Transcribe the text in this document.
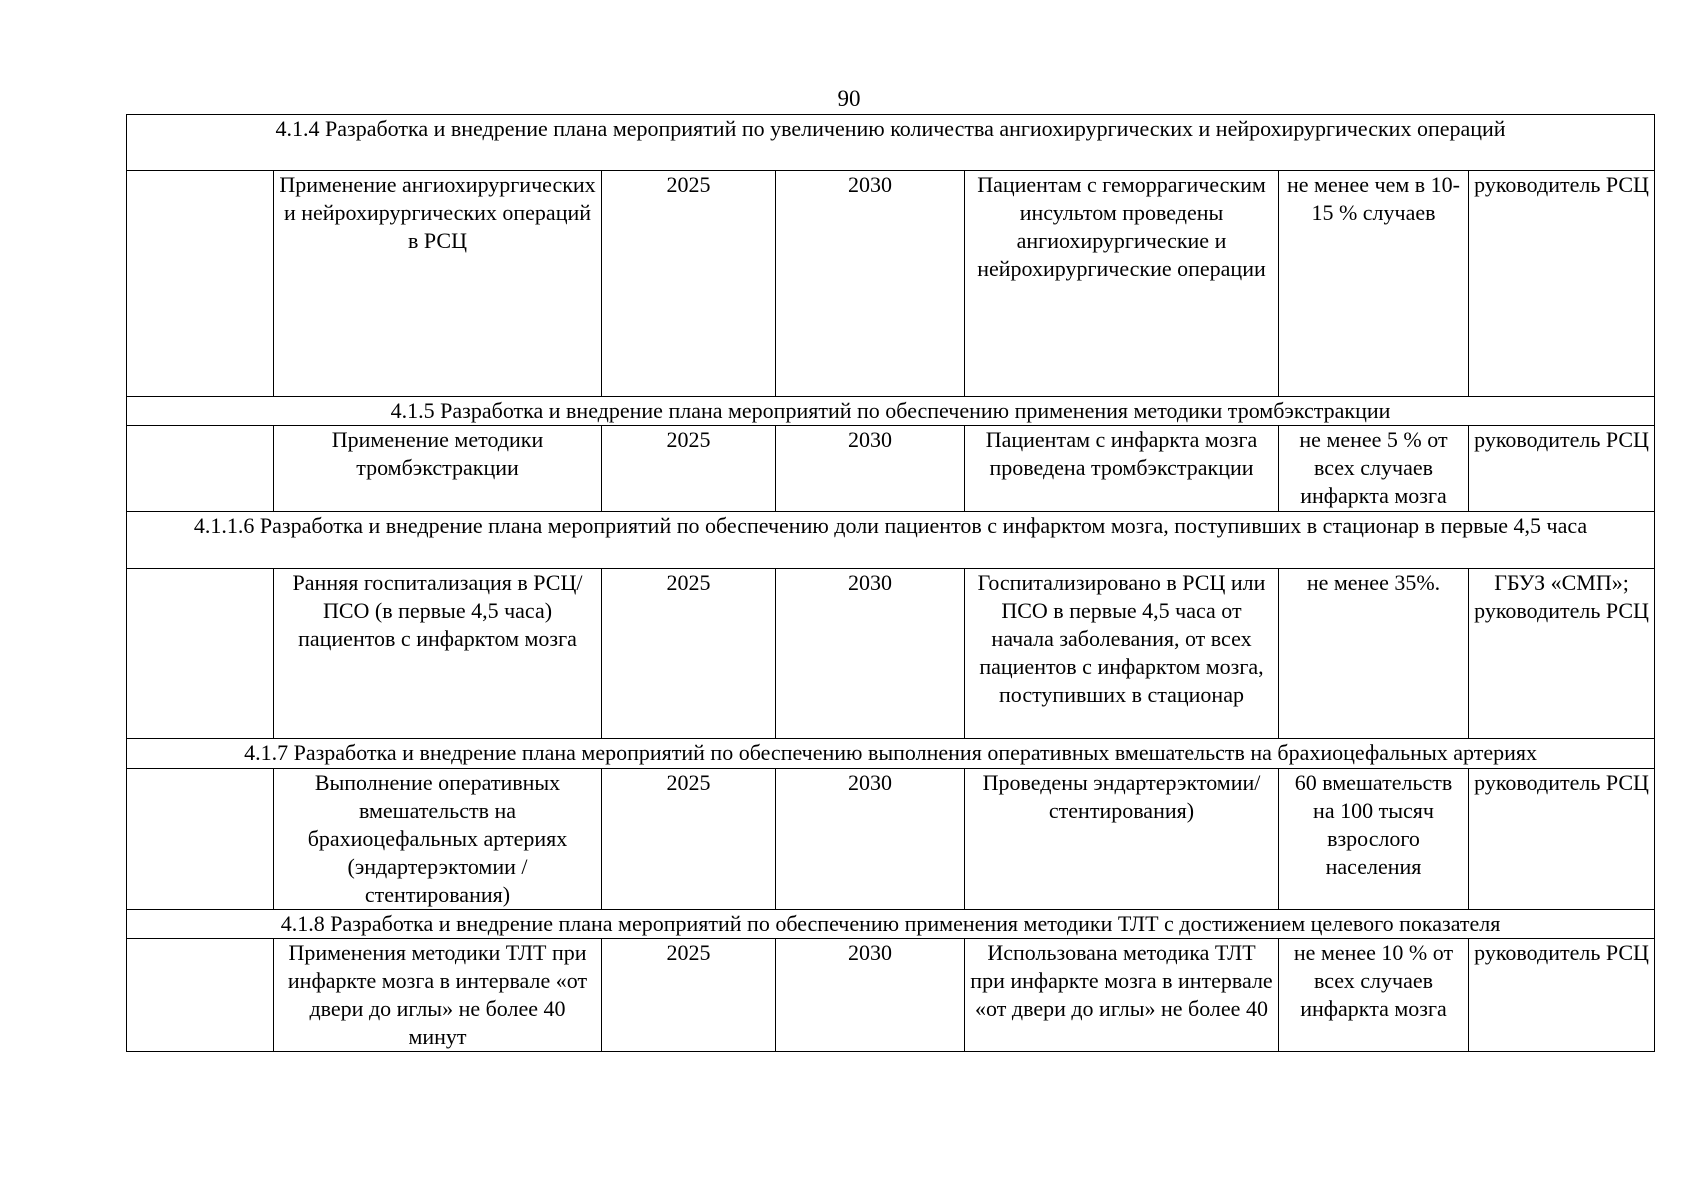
90
4.1.4 Разработка и внедрение плана мероприятий по увеличению количества ангиохирургических и нейрохирургических операций						
	Применение ангиохирургических и нейрохирургических операций в РСЦ	2025	2030	Пациентам с геморрагическим инсультом проведены ангиохирургические и нейрохирургические операции	не менее чем в 10-15 % случаев	руководитель РСЦ
4.1.5 Разработка и внедрение плана мероприятий по обеспечению применения методики тромбэкстракции						
	Применение методики тромбэкстракции	2025	2030	Пациентам с инфаркта мозга проведена тромбэкстракции	не менее 5 % от всех случаев инфаркта мозга	руководитель РСЦ
4.1.1.6 Разработка и внедрение плана мероприятий по обеспечению доли пациентов с инфарктом мозга, поступивших в стационар в первые 4,5 часа						
	Ранняя госпитализация в РСЦ/ПСО (в первые 4,5 часа) пациентов с инфарктом мозга	2025	2030	Госпитализировано в РСЦ или ПСО в первые 4,5 часа от начала заболевания, от всех пациентов с инфарктом мозга, поступивших в стационар	не менее 35%.	ГБУЗ «СМП»; руководитель РСЦ
4.1.7 Разработка и внедрение плана мероприятий по обеспечению выполнения оперативных вмешательств на брахиоцефальных артериях						
	Выполнение оперативных вмешательств на брахиоцефальных артериях (эндартерэктомии / стентирования)	2025	2030	Проведены эндартерэктомии/ стентирования)	60 вмешательств на 100 тысяч взрослого населения	руководитель РСЦ
4.1.8 Разработка и внедрение плана мероприятий по обеспечению применения методики ТЛТ с достижением целевого показателя						
	Применения методики ТЛТ при инфаркте мозга в интервале «от двери до иглы» не более 40 минут	2025	2030	Использована методика ТЛТ при инфаркте мозга в интервале «от двери до иглы» не более 40	не менее 10 % от всех случаев инфаркта мозга	руководитель РСЦ
